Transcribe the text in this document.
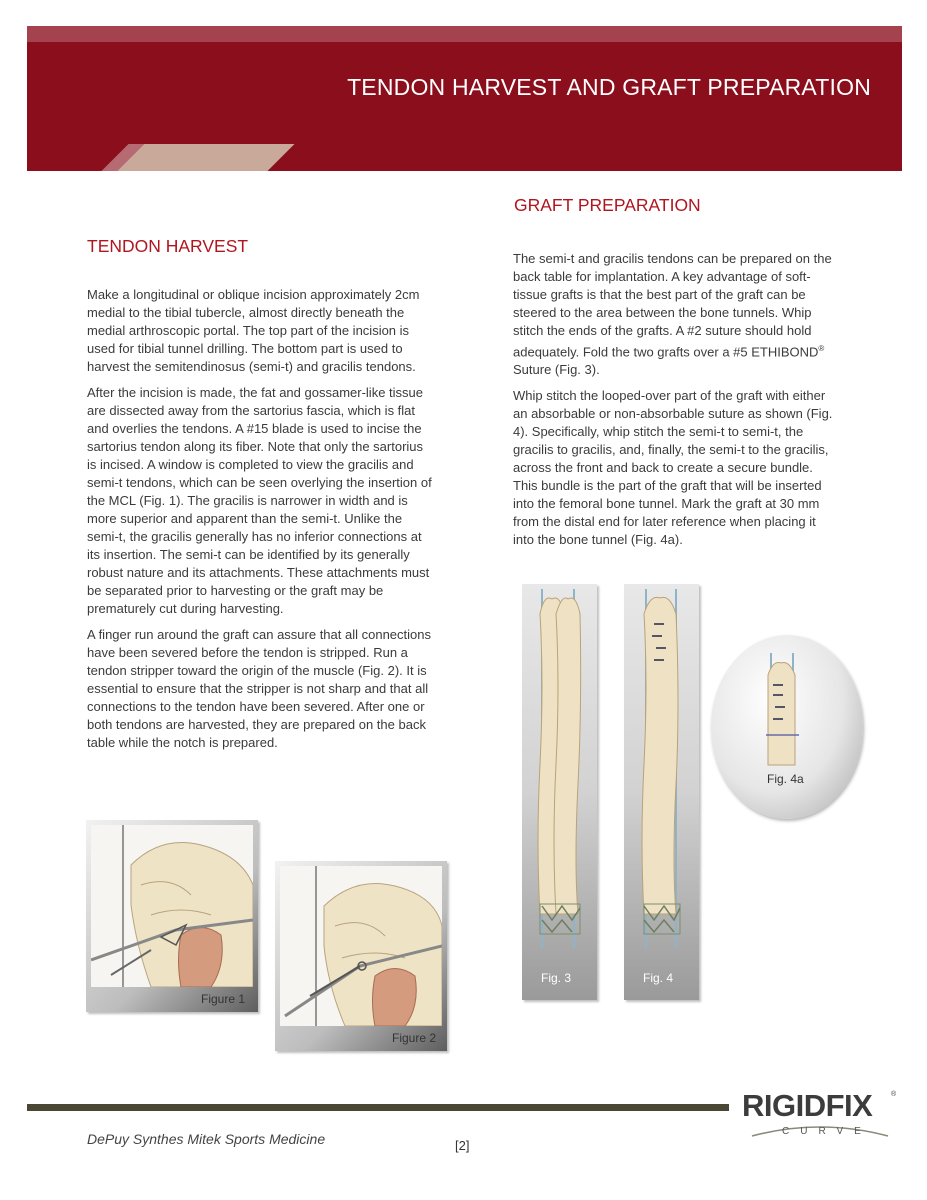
TENDON HARVEST AND GRAFT PREPARATION
TENDON HARVEST

Make a longitudinal or oblique incision approximately 2cm medial to the tibial tubercle, almost directly beneath the medial arthroscopic portal. The top part of the incision is used for tibial tunnel drilling. The bottom part is used to harvest the semitendinosus (semi-t) and gracilis tendons.

After the incision is made, the fat and gossamer-like tissue are dissected away from the sartorius fascia, which is flat and overlies the tendons. A #15 blade is used to incise the sartorius tendon along its fiber. Note that only the sartorius is incised. A window is completed to view the gracilis and semi-t tendons, which can be seen overlying the insertion of the MCL (Fig. 1). The gracilis is narrower in width and is more superior and apparent than the semi-t. Unlike the semi-t, the gracilis generally has no inferior connections at its insertion. The semi-t can be identified by its generally robust nature and its attachments. These attachments must be separated prior to harvesting or the graft may be prematurely cut during harvesting.

A finger run around the graft can assure that all connections have been severed before the tendon is stripped. Run a tendon stripper toward the origin of the muscle (Fig. 2). It is essential to ensure that the stripper is not sharp and that all connections to the tendon have been severed. After one or both tendons are harvested, they are prepared on the back table while the notch is prepared.

Figure 1
Figure 2
GRAFT PREPARATION

The semi-t and gracilis tendons can be prepared on the back table for implantation. A key advantage of soft-tissue grafts is that the best part of the graft can be steered to the area between the bone tunnels. Whip stitch the ends of the grafts. A #2 suture should hold adequately. Fold the two grafts over a #5 ETHIBOND® Suture (Fig. 3).

Whip stitch the looped-over part of the graft with either an absorbable or non-absorbable suture as shown (Fig. 4). Specifically, whip stitch the semi-t to semi-t, the gracilis to gracilis, and, finally, the semi-t to the gracilis, across the front and back to create a secure bundle. This bundle is the part of the graft that will be inserted into the femoral bone tunnel. Mark the graft at 30 mm from the distal end for later reference when placing it into the bone tunnel (Fig. 4a).

Fig. 3	Fig. 4
Fig. 4a
DePuy Synthes Mitek Sports Medicine	[2]
RIGIDFIX	®
CURVE
